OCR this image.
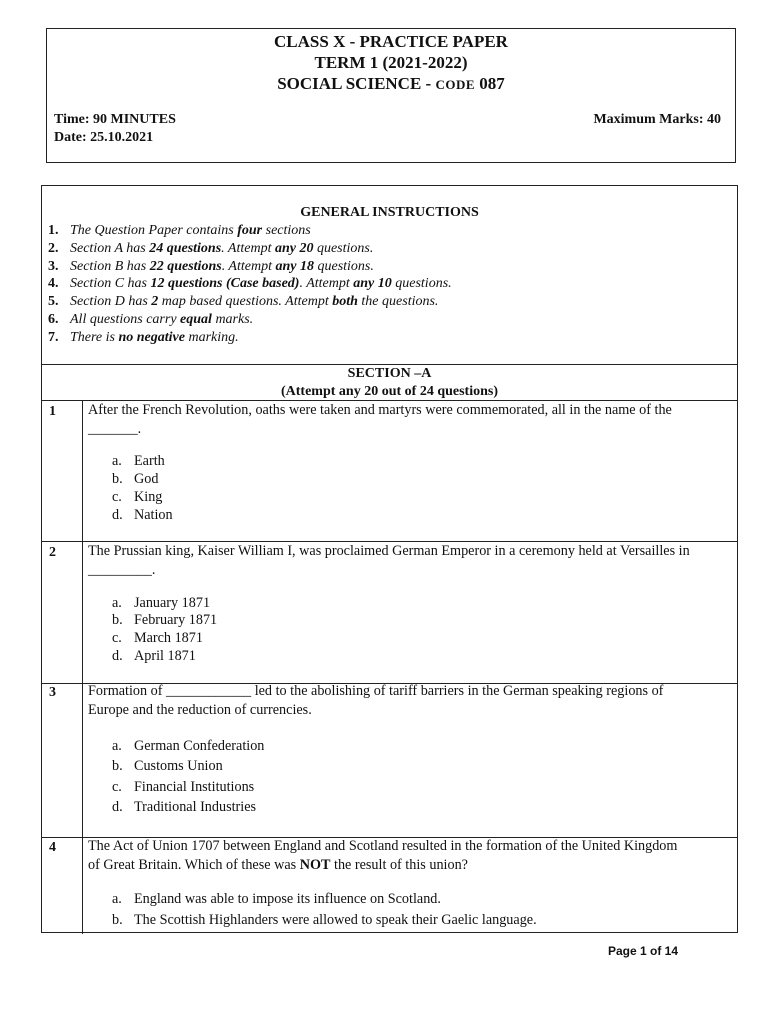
CLASS X - PRACTICE PAPER
TERM 1 (2021-2022)
SOCIAL SCIENCE - CODE 087
Time: 90 MINUTES
Date: 25.10.2021
Maximum Marks: 40
GENERAL INSTRUCTIONS
1. The Question Paper contains four sections
2. Section A has 24 questions. Attempt any 20 questions.
3. Section B has 22 questions. Attempt any 18 questions.
4. Section C has 12 questions (Case based). Attempt any 10 questions.
5. Section D has 2 map based questions. Attempt both the questions.
6. All questions carry equal marks.
7. There is no negative marking.
SECTION –A
(Attempt any 20 out of 24 questions)
1 After the French Revolution, oaths were taken and martyrs were commemorated, all in the name of the
_______.
a. Earth
b. God
c. King
d. Nation
2 The Prussian king, Kaiser William I, was proclaimed German Emperor in a ceremony held at Versailles in
_________.
a. January 1871
b. February 1871
c. March 1871
d. April 1871
3 Formation of ____________ led to the abolishing of tariff barriers in the German speaking regions of
Europe and the reduction of currencies.
a. German Confederation
b. Customs Union
c. Financial Institutions
d. Traditional Industries
4 The Act of Union 1707 between England and Scotland resulted in the formation of the United Kingdom
of Great Britain. Which of these was NOT the result of this union?
a. England was able to impose its influence on Scotland.
b. The Scottish Highlanders were allowed to speak their Gaelic language.
Page 1 of 14
